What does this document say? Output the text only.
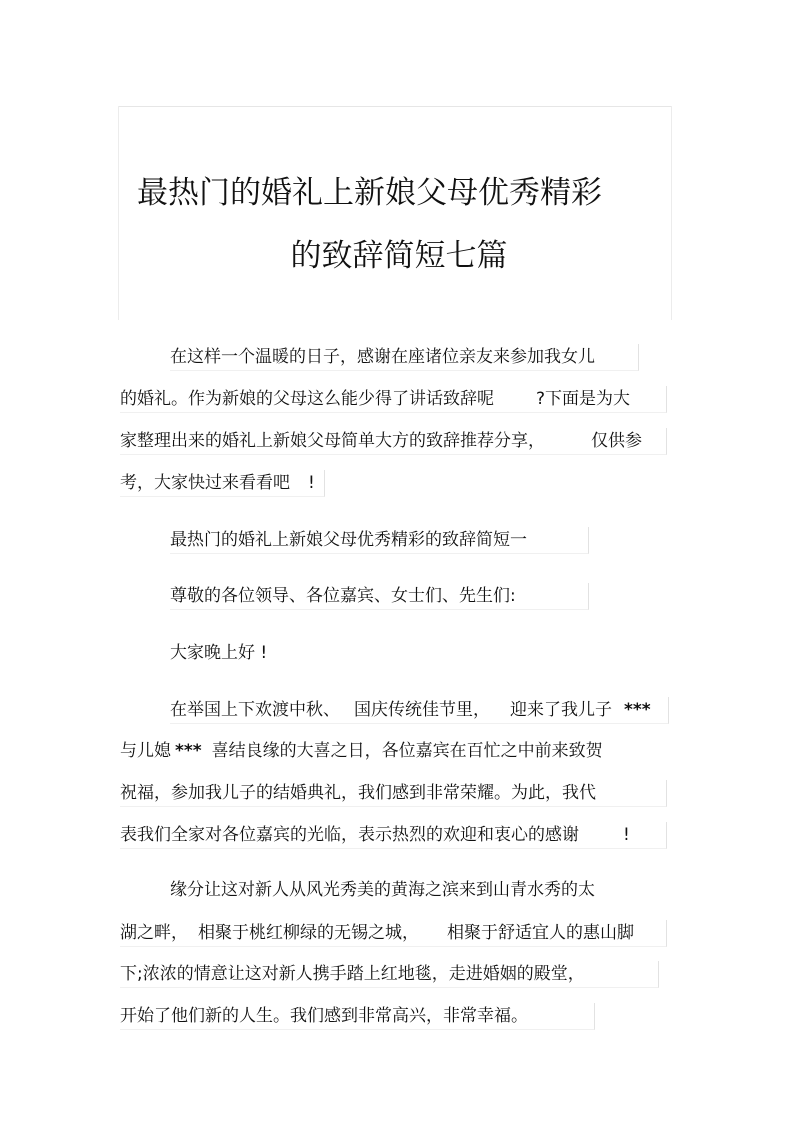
最热门的婚礼上新娘父母优秀精彩
的致辞简短七篇

在这样一个温暖的日子，感谢在座诸位亲友来参加我女儿

的婚礼。作为新娘的父母这么能少得了讲话致辞呢 ?下面是为大

家整理出来的婚礼上新娘父母简单大方的致辞推荐分享，	仅供参

考，大家快过来看看吧 !

最热门的婚礼上新娘父母优秀精彩的致辞简短一

尊敬的各位领导、各位嘉宾、女士们、先生们:

大家晚上好 !

在举国上下欢渡中秋、 国庆传统佳节里， 迎来了我儿子 ***

与儿媳 *** 喜结良缘的大喜之日，各位嘉宾在百忙之中前来致贺

祝福，参加我儿子的结婚典礼，我们感到非常荣耀。为此，我代

表我们全家对各位嘉宾的光临，表示热烈的欢迎和衷心的感谢	!

缘分让这对新人从风光秀美的黄海之滨来到山青水秀的太

湖之畔， 相聚于桃红柳绿的无锡之城， 相聚于舒适宜人的惠山脚

下;浓浓的情意让这对新人携手踏上红地毯，走进婚姻的殿堂，

开始了他们新的人生。我们感到非常高兴，非常幸福。
